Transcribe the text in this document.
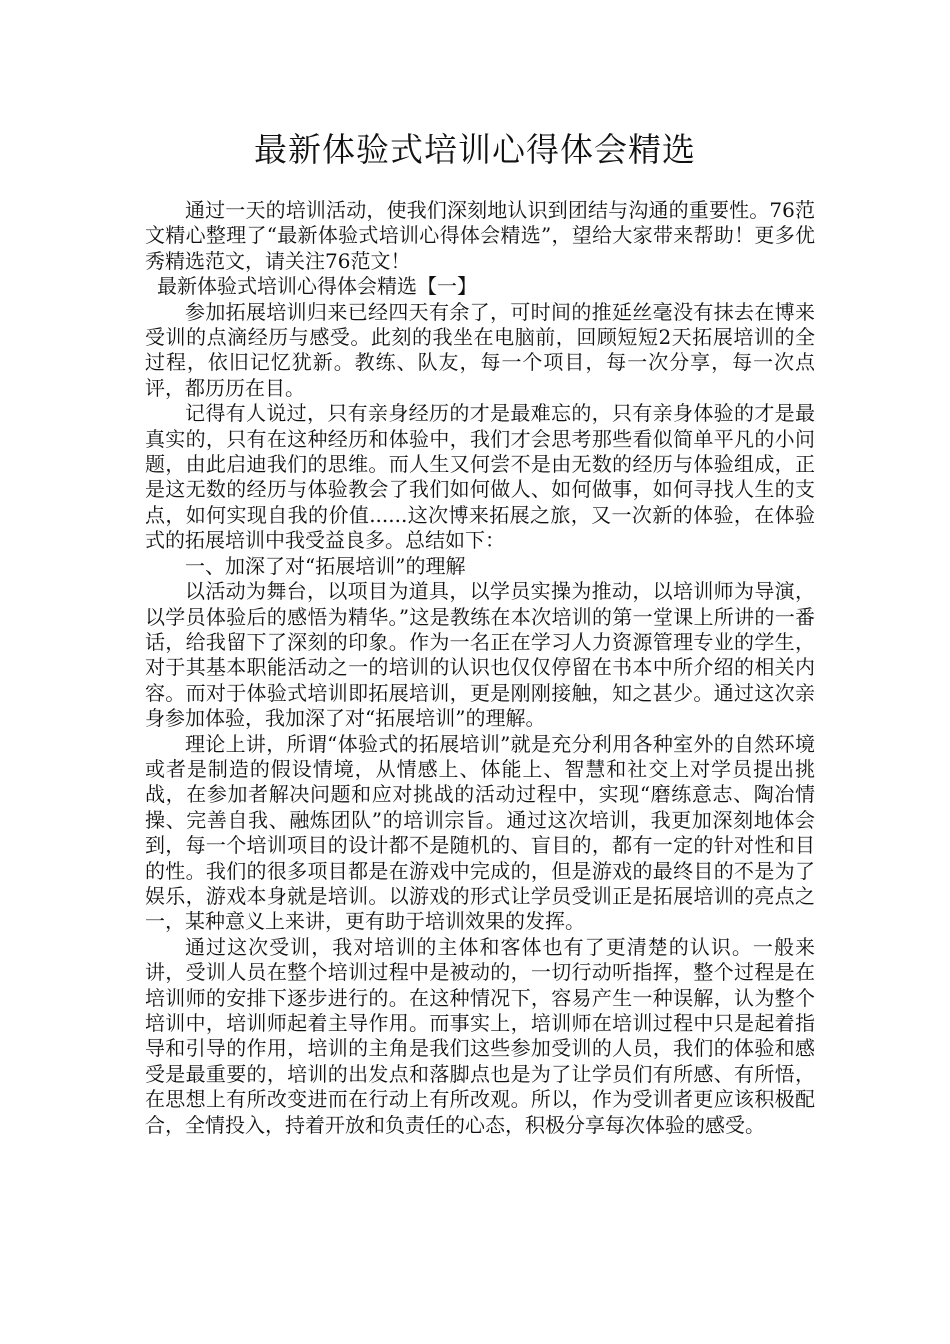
最新体验式培训心得体会精选

通过一天的培训活动，使我们深刻地认识到团结与沟通的重要性。76范文精心整理了“最新体验式培训心得体会精选”，望给大家带来帮助！更多优秀精选范文，请关注76范文！

最新体验式培训心得体会精选【一】

参加拓展培训归来已经四天有余了，可时间的推延丝毫没有抹去在博来受训的点滴经历与感受。此刻的我坐在电脑前，回顾短短2天拓展培训的全过程，依旧记忆犹新。教练、队友，每一个项目，每一次分享，每一次点评，都历历在目。

记得有人说过，只有亲身经历的才是最难忘的，只有亲身体验的才是最真实的，只有在这种经历和体验中，我们才会思考那些看似简单平凡的小问题，由此启迪我们的思维。而人生又何尝不是由无数的经历与体验组成，正是这无数的经历与体验教会了我们如何做人、如何做事，如何寻找人生的支点，如何实现自我的价值......这次博来拓展之旅，又一次新的体验，在体验式的拓展培训中我受益良多。总结如下：

一、加深了对“拓展培训”的理解

以活动为舞台，以项目为道具，以学员实操为推动，以培训师为导演，以学员体验后的感悟为精华。”这是教练在本次培训的第一堂课上所讲的一番话，给我留下了深刻的印象。作为一名正在学习人力资源管理专业的学生，对于其基本职能活动之一的培训的认识也仅仅停留在书本中所介绍的相关内容。而对于体验式培训即拓展培训，更是刚刚接触，知之甚少。通过这次亲身参加体验，我加深了对“拓展培训”的理解。

理论上讲，所谓“体验式的拓展培训”就是充分利用各种室外的自然环境或者是制造的假设情境，从情感上、体能上、智慧和社交上对学员提出挑战，在参加者解决问题和应对挑战的活动过程中，实现“磨练意志、陶冶情操、完善自我、融炼团队”的培训宗旨。通过这次培训，我更加深刻地体会到，每一个培训项目的设计都不是随机的、盲目的，都有一定的针对性和目的性。我们的很多项目都是在游戏中完成的，但是游戏的最终目的不是为了娱乐，游戏本身就是培训。以游戏的形式让学员受训正是拓展培训的亮点之一，某种意义上来讲，更有助于培训效果的发挥。

通过这次受训，我对培训的主体和客体也有了更清楚的认识。一般来讲，受训人员在整个培训过程中是被动的，一切行动听指挥，整个过程是在培训师的安排下逐步进行的。在这种情况下，容易产生一种误解，认为整个培训中，培训师起着主导作用。而事实上，培训师在培训过程中只是起着指导和引导的作用，培训的主角是我们这些参加受训的人员，我们的体验和感受是最重要的，培训的出发点和落脚点也是为了让学员们有所感、有所悟，在思想上有所改变进而在行动上有所改观。所以，作为受训者更应该积极配合，全情投入，持着开放和负责任的心态，积极分享每次体验的感受。
